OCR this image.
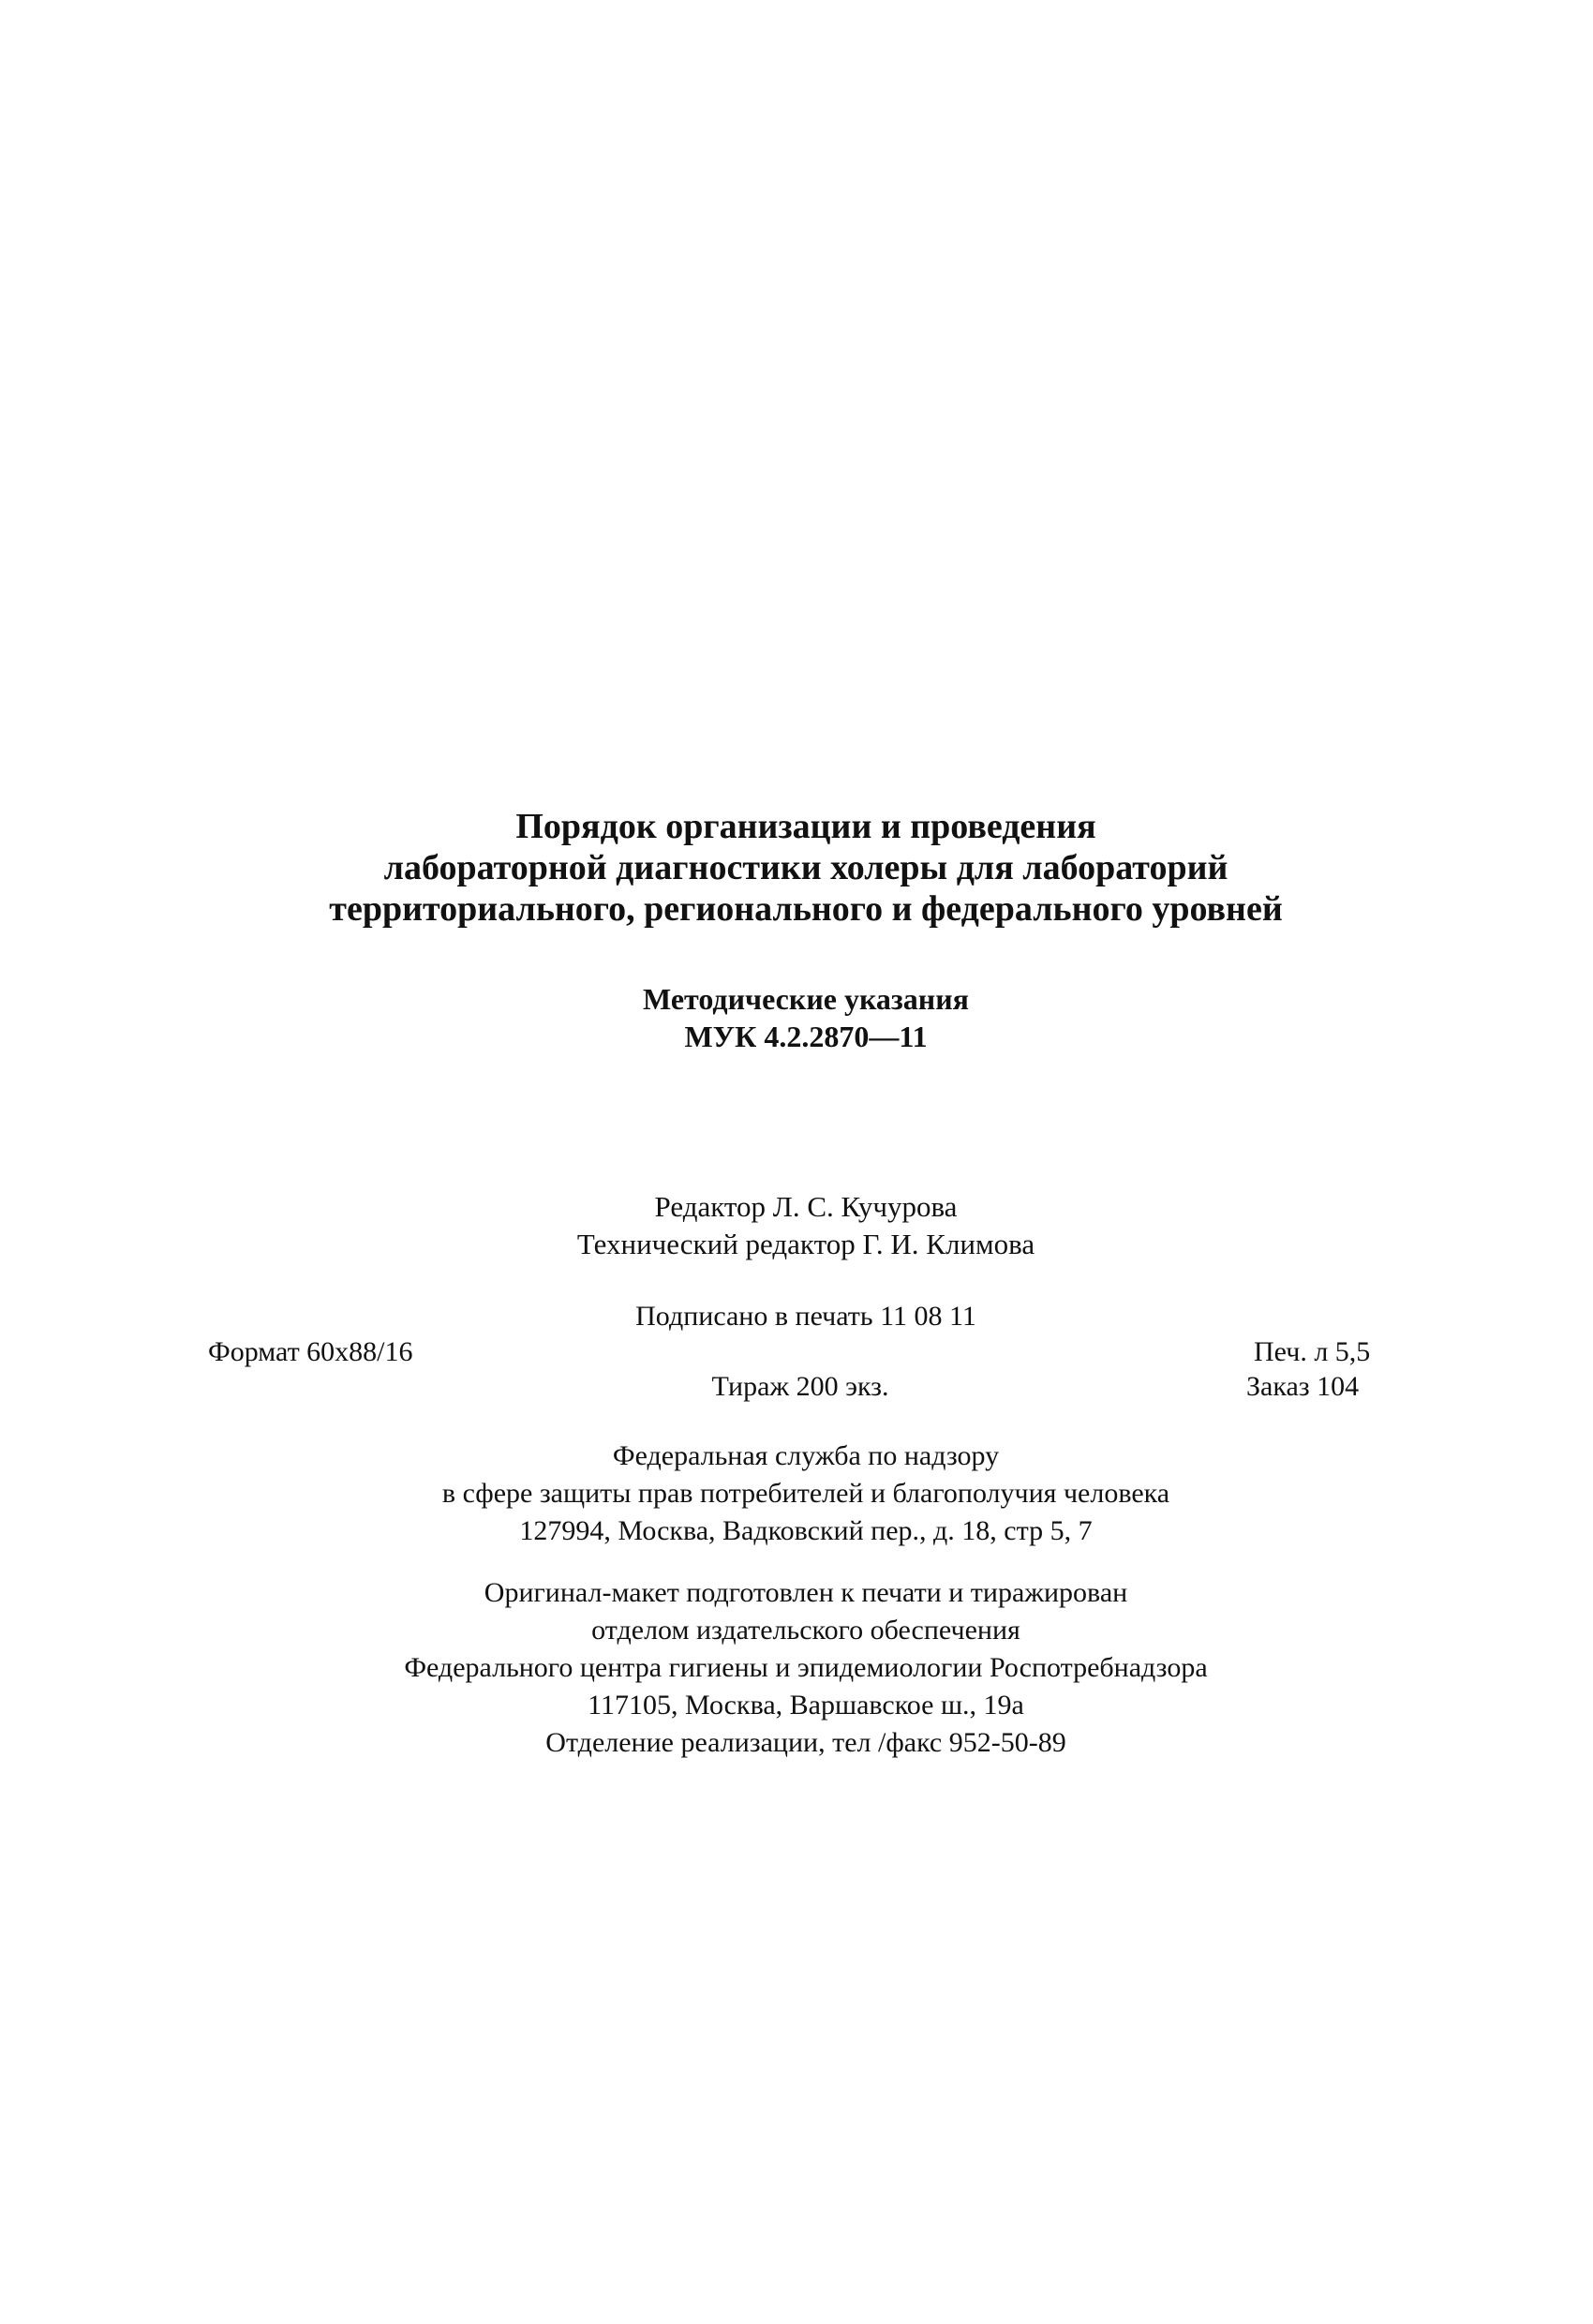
Порядок организации и проведения
лабораторной диагностики холеры для лабораторий
территориального, регионального и федерального уровней
Методические указания
МУК 4.2.2870—11
Редактор Л. С. Кучурова
Технический редактор Г. И. Климова
Подписано в печать 11 08 11
Формат 60x88/16	Печ. л 5,5
Тираж 200 экз.	Заказ 104
Федеральная служба по надзору
в сфере защиты прав потребителей и благополучия человека
127994, Москва, Вадковский пер., д. 18, стр 5, 7
Оригинал-макет подготовлен к печати и тиражирован
отделом издательского обеспечения
Федерального центра гигиены и эпидемиологии Роспотребнадзора
117105, Москва, Варшавское ш., 19а
Отделение реализации, тел /факс 952-50-89
